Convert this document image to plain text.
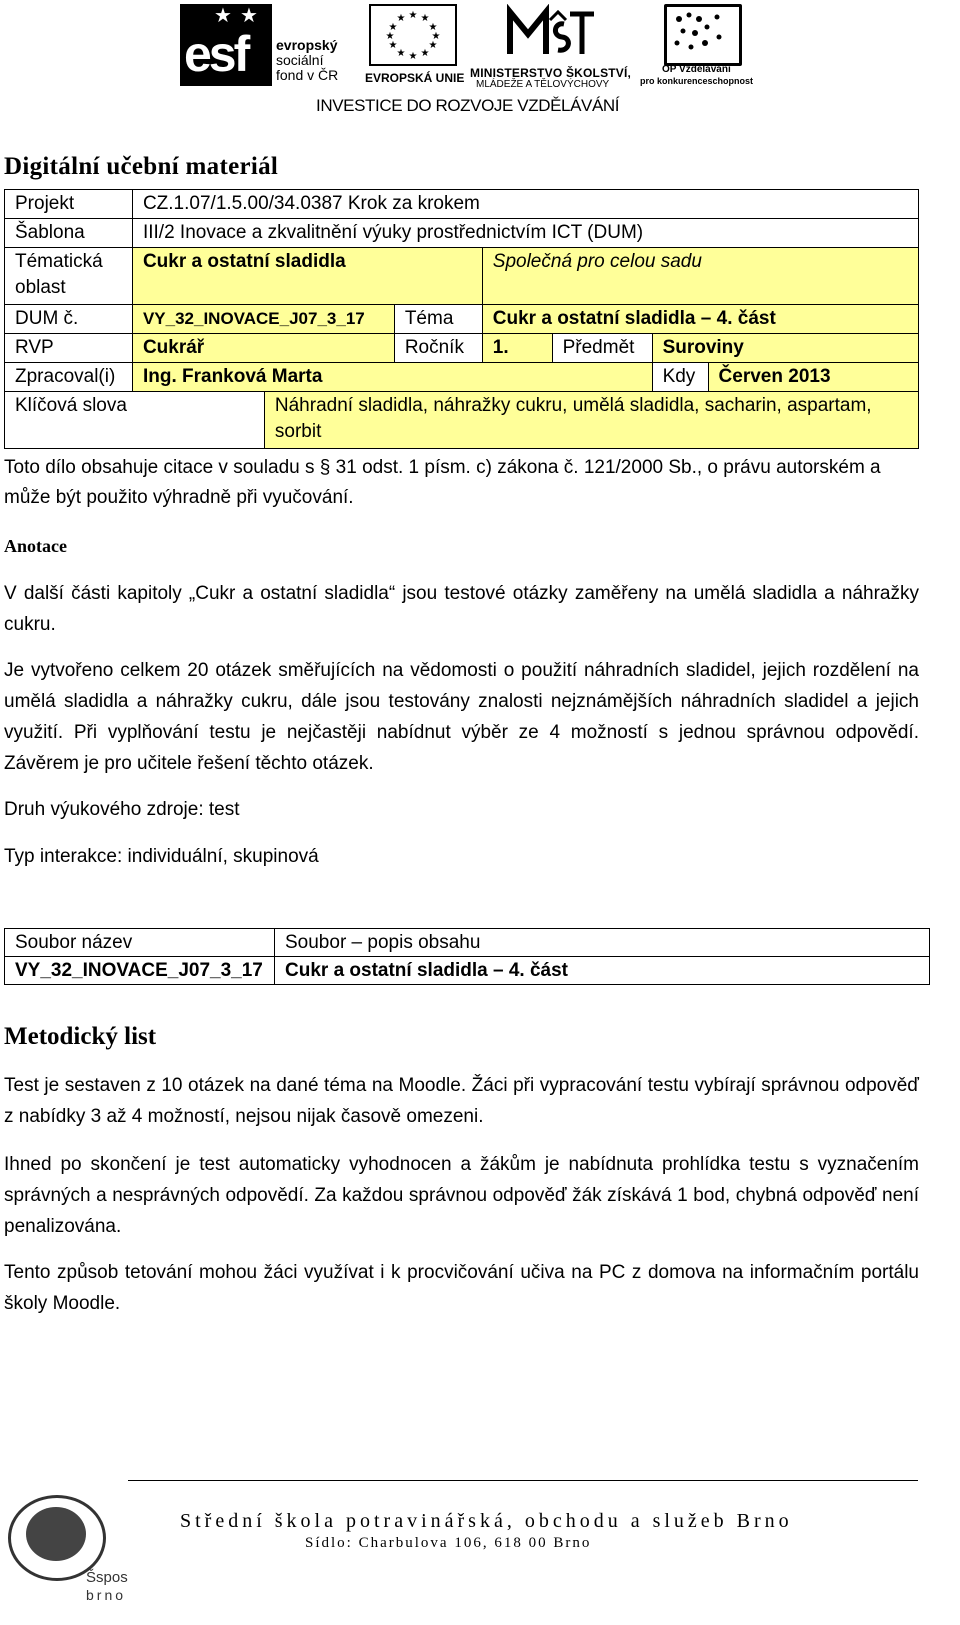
★ ★
esf evropský
sociální
fond v ČR
★ ★
★
★
★
★
★
★
★
★
★
★
EVROPSKÁ UNIE MINISTERSTVO ŠKOLSTVÍ,
MLÁDEŽE A TĚLOVÝCHOVY
OP Vzdělávání
pro konkurenceschopnost
INVESTICE DO ROZVOJE VZDĚLÁVÁNÍ
Digitální učební materiál
Projekt	CZ.1.07/1.5.00/34.0387 Krok za krokem						
Šablona	III/2 Inovace a zkvalitnění výuky prostřednictvím ICT (DUM)						
Tématická oblast	Cukr a ostatní sladidla			Společná pro celou sadu			
DUM č.	VY_32_INOVACE_J07_3_17		Téma	Cukr a ostatní sladidla – 4. část			
RVP	Cukrář		Ročník	1.	Předmět	Suroviny	
Zpracoval(i)	Ing. Franková Marta					Kdy	Červen 2013
Klíčová slova		Náhradní sladidla, náhražky cukru, umělá sladidla, sacharin, aspartam, sorbit					
Toto dílo obsahuje citace v souladu s § 31 odst. 1 písm. c) zákona č. 121/2000 Sb., o právu autorském a může být použito výhradně při vyučování.
Anotace
V další části kapitoly „Cukr a ostatní sladidla“ jsou testové otázky zaměřeny na umělá sladidla a náhražky cukru.
Je vytvořeno celkem 20 otázek směřujících na vědomosti o použití náhradních sladidel, jejich rozdělení na umělá sladidla a náhražky cukru, dále jsou testovány znalosti nejznámějších náhradních sladidel a jejich využití. Při vyplňování testu je nejčastěji nabídnut výběr ze 4 možností s jednou správnou odpovědí. Závěrem je pro učitele řešení těchto otázek.
Druh výukového zdroje: test
Typ interakce: individuální, skupinová
Soubor název	Soubor – popis obsahu
VY_32_INOVACE_J07_3_17	Cukr a ostatní sladidla – 4. část
Metodický list
Test je sestaven z 10 otázek na dané téma na Moodle. Žáci při vypracování testu vybírají správnou odpověď z nabídky 3 až 4 možností, nejsou nijak časově omezeni.
Ihned po skončení je test automaticky vyhodnocen a žákům je nabídnuta prohlídka testu s vyznačením správných a nesprávných odpovědí. Za každou správnou odpověď žák získává 1 bod, chybná odpověď není penalizována.
Tento způsob tetování mohou žáci využívat i k procvičování učiva na PC z domova na informačním portálu školy Moodle.
Šspos
brno
Střední škola potravinářská, obchodu a služeb Brno
Sídlo: Charbulova 106, 618 00 Brno
